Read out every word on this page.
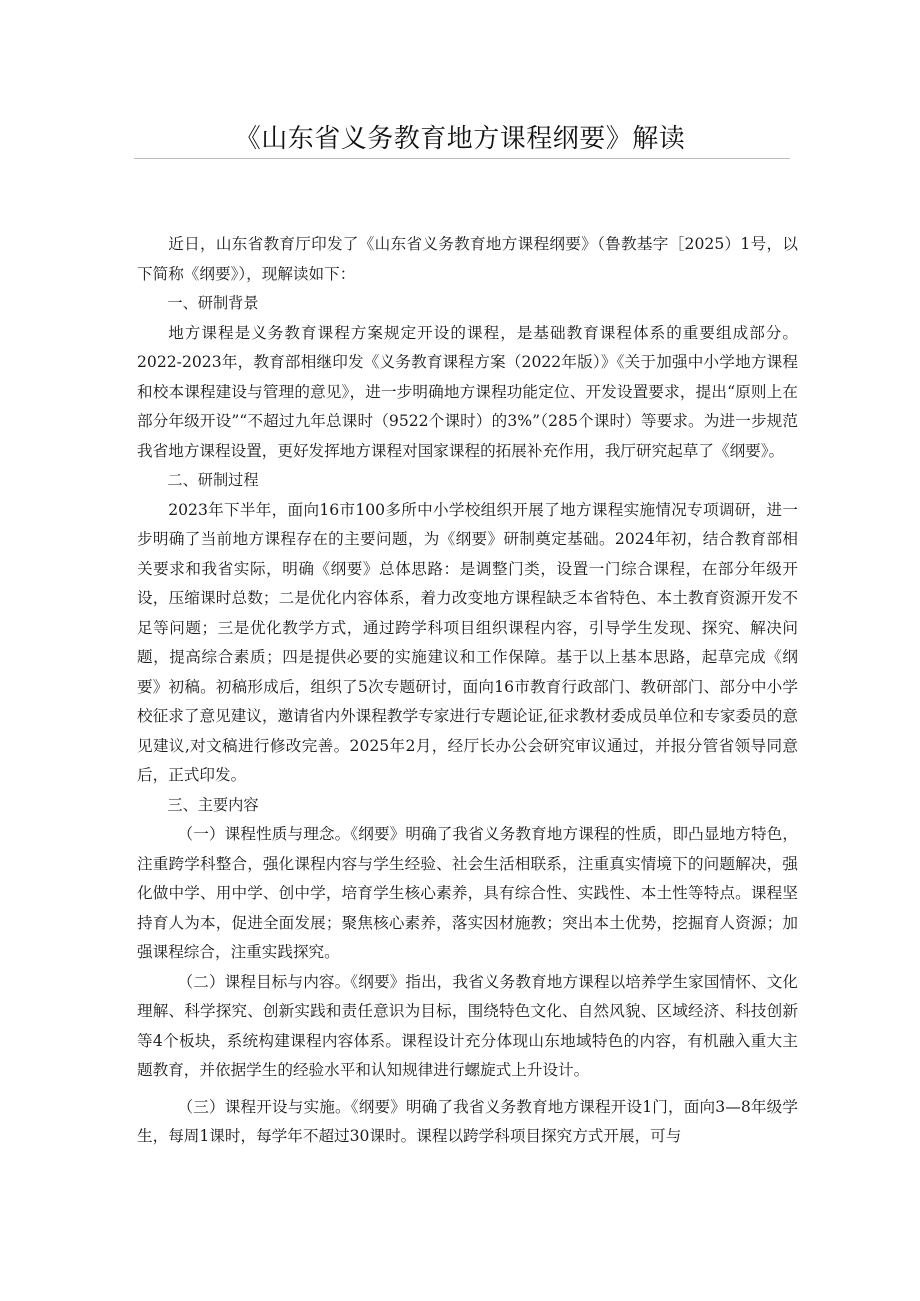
《山东省义务教育地方课程纲要》解读

近日，山东省教育厅印发了《山东省义务教育地方课程纲要》（鲁教基字［2025）1号，以下简称《纲要》），现解读如下：

一、研制背景

地方课程是义务教育课程方案规定开设的课程，是基础教育课程体系的重要组成部分。2022-2023年，教育部相继印发《义务教育课程方案（2022年版）》《关于加强中小学地方课程和校本课程建设与管理的意见》，进一步明确地方课程功能定位、开发设置要求，提出“原则上在部分年级开设”“不超过九年总课时（9522个课时）的3%”（285个课时）等要求。为进一步规范我省地方课程设置，更好发挥地方课程对国家课程的拓展补充作用，我厅研究起草了《纲要》。

二、研制过程

2023年下半年，面向16市100多所中小学校组织开展了地方课程实施情况专项调研，进一步明确了当前地方课程存在的主要问题，为《纲要》研制奠定基础。2024年初，结合教育部相关要求和我省实际，明确《纲要》总体思路：是调整门类，设置一门综合课程，在部分年级开设，压缩课时总数；二是优化内容体系，着力改变地方课程缺乏本省特色、本土教育资源开发不足等问题；三是优化教学方式，通过跨学科项目组织课程内容，引导学生发现、探究、解决问题，提高综合素质；四是提供必要的实施建议和工作保障。基于以上基本思路，起草完成《纲要》初稿。初稿形成后，组织了5次专题研讨，面向16市教育行政部门、教研部门、部分中小学校征求了意见建议，邀请省内外课程教学专家进行专题论证,征求教材委成员单位和专家委员的意见建议,对文稿进行修改完善。2025年2月，经厅长办公会研究审议通过，并报分管省领导同意后，正式印发。

三、主要内容

（一）课程性质与理念。《纲要》明确了我省义务教育地方课程的性质，即凸显地方特色，注重跨学科整合，强化课程内容与学生经验、社会生活相联系，注重真实情境下的问题解决，强化做中学、用中学、创中学，培育学生核心素养，具有综合性、实践性、本土性等特点。课程坚持育人为本，促进全面发展；聚焦核心素养，落实因材施教；突出本土优势，挖掘育人资源；加强课程综合，注重实践探究。

（二）课程目标与内容。《纲要》指出，我省义务教育地方课程以培养学生家国情怀、文化理解、科学探究、创新实践和责任意识为目标，围绕特色文化、自然风貌、区域经济、科技创新等4个板块，系统构建课程内容体系。课程设计充分体现山东地域特色的内容，有机融入重大主题教育，并依据学生的经验水平和认知规律进行螺旋式上升设计。

（三）课程开设与实施。《纲要》明确了我省义务教育地方课程开设1门，面向3—8年级学生，每周1课时，每学年不超过30课时。课程以跨学科项目探究方式开展，可与
